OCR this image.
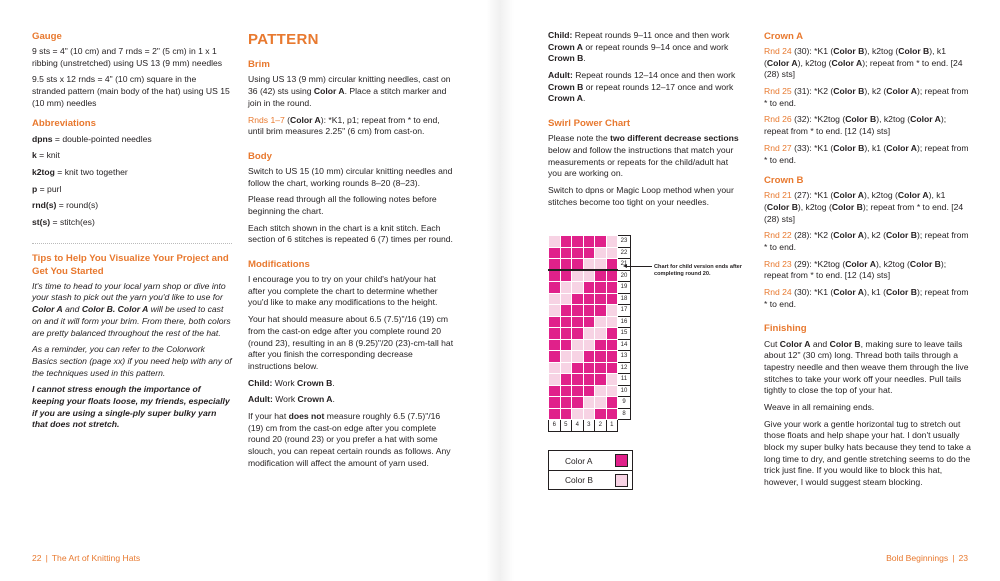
Gauge

9 sts = 4" (10 cm) and 7 rnds = 2" (5 cm) in 1 x 1 ribbing (unstretched) using US 13 (9 mm) needles

9.5 sts x 12 rnds = 4" (10 cm) square in the stranded pattern (main body of the hat) using US 15 (10 mm) needles

Abbreviations

dpns = double-pointed needles

k = knit

k2tog = knit two together

p = purl

rnd(s) = round(s)

st(s) = stitch(es)

Tips to Help You Visualize Your Project and Get You Started

It's time to head to your local yarn shop or dive into your stash to pick out the yarn you'd like to use for Color A and Color B. Color A will be used to cast on and it will form your brim. From there, both colors are pretty balanced throughout the rest of the hat.

As a reminder, you can refer to the Colorwork Basics section (page xx) if you need help with any of the techniques used in this pattern.

I cannot stress enough the importance of keeping your floats loose, my friends, especially if you are using a single-ply super bulky yarn that does not stretch.

PATTERN
Brim

Using US 13 (9 mm) circular knitting needles, cast on 36 (42) sts using Color A. Place a stitch marker and join in the round.

Rnds 1–7 (Color A): *K1, p1; repeat from * to end, until brim measures 2.25" (6 cm) from cast-on.

Body

Switch to US 15 (10 mm) circular knitting needles and follow the chart, working rounds 8–20 (8–23).

Please read through all the following notes before beginning the chart.

Each stitch shown in the chart is a knit stitch. Each section of 6 stitches is repeated 6 (7) times per round.

Modifications

I encourage you to try on your child's hat/your hat after you complete the chart to determine whether you'd like to make any modifications to the height.

Your hat should measure about 6.5 (7.5)"/16 (19) cm from the cast-on edge after you complete round 20 (round 23), resulting in an 8 (9.25)"/20 (23)-cm-tall hat after you finish the corresponding decrease instructions below.

Child: Work Crown B.

Adult: Work Crown A.

If your hat does not measure roughly 6.5 (7.5)"/16 (19) cm from the cast-on edge after you complete round 20 (round 23) or you prefer a hat with some slouch, you can repeat certain rounds as follows. Any modification will affect the amount of yarn used.

22 | The Art of Knitting Hats

Child: Repeat rounds 9–11 once and then work Crown A or repeat rounds 9–14 once and work Crown B.

Adult: Repeat rounds 12–14 once and then work Crown B or repeat rounds 12–17 once and work Crown A.

Swirl Power Chart

Please note the two different decrease sections below and follow the instructions that match your measurements or repeats for the child/adult hat you are working on.

Switch to dpns or Magic Loop method when your stitches become too tight on your needles.

						23
						22
						21
						20
						19
						18
						17
						16
						15
						14
						13
						12
						11
						10
						9
						8
6	5	4	3	2	1	
Chart for child version ends after completing round 20.
Color A
Color B
Crown A

Rnd 24 (30): *K1 (Color B), k2tog (Color B), k1 (Color A), k2tog (Color A); repeat from * to end. [24 (28) sts]

Rnd 25 (31): *K2 (Color B), k2 (Color A); repeat from * to end.

Rnd 26 (32): *K2tog (Color B), k2tog (Color A); repeat from * to end. [12 (14) sts]

Rnd 27 (33): *K1 (Color B), k1 (Color A); repeat from * to end.

Crown B

Rnd 21 (27): *K1 (Color A), k2tog (Color A), k1 (Color B), k2tog (Color B); repeat from * to end. [24 (28) sts]

Rnd 22 (28): *K2 (Color A), k2 (Color B); repeat from * to end.

Rnd 23 (29): *K2tog (Color A), k2tog (Color B); repeat from * to end. [12 (14) sts]

Rnd 24 (30): *K1 (Color A), k1 (Color B); repeat from * to end.

Finishing

Cut Color A and Color B, making sure to leave tails about 12" (30 cm) long. Thread both tails through a tapestry needle and then weave them through the live stitches to take your work off your needles. Pull tails tightly to close the top of your hat.

Weave in all remaining ends.

Give your work a gentle horizontal tug to stretch out those floats and help shape your hat. I don't usually block my super bulky hats because they tend to take a long time to dry, and gentle stretching seems to do the trick just fine. If you would like to block this hat, however, I would suggest steam blocking.

Bold Beginnings | 23
